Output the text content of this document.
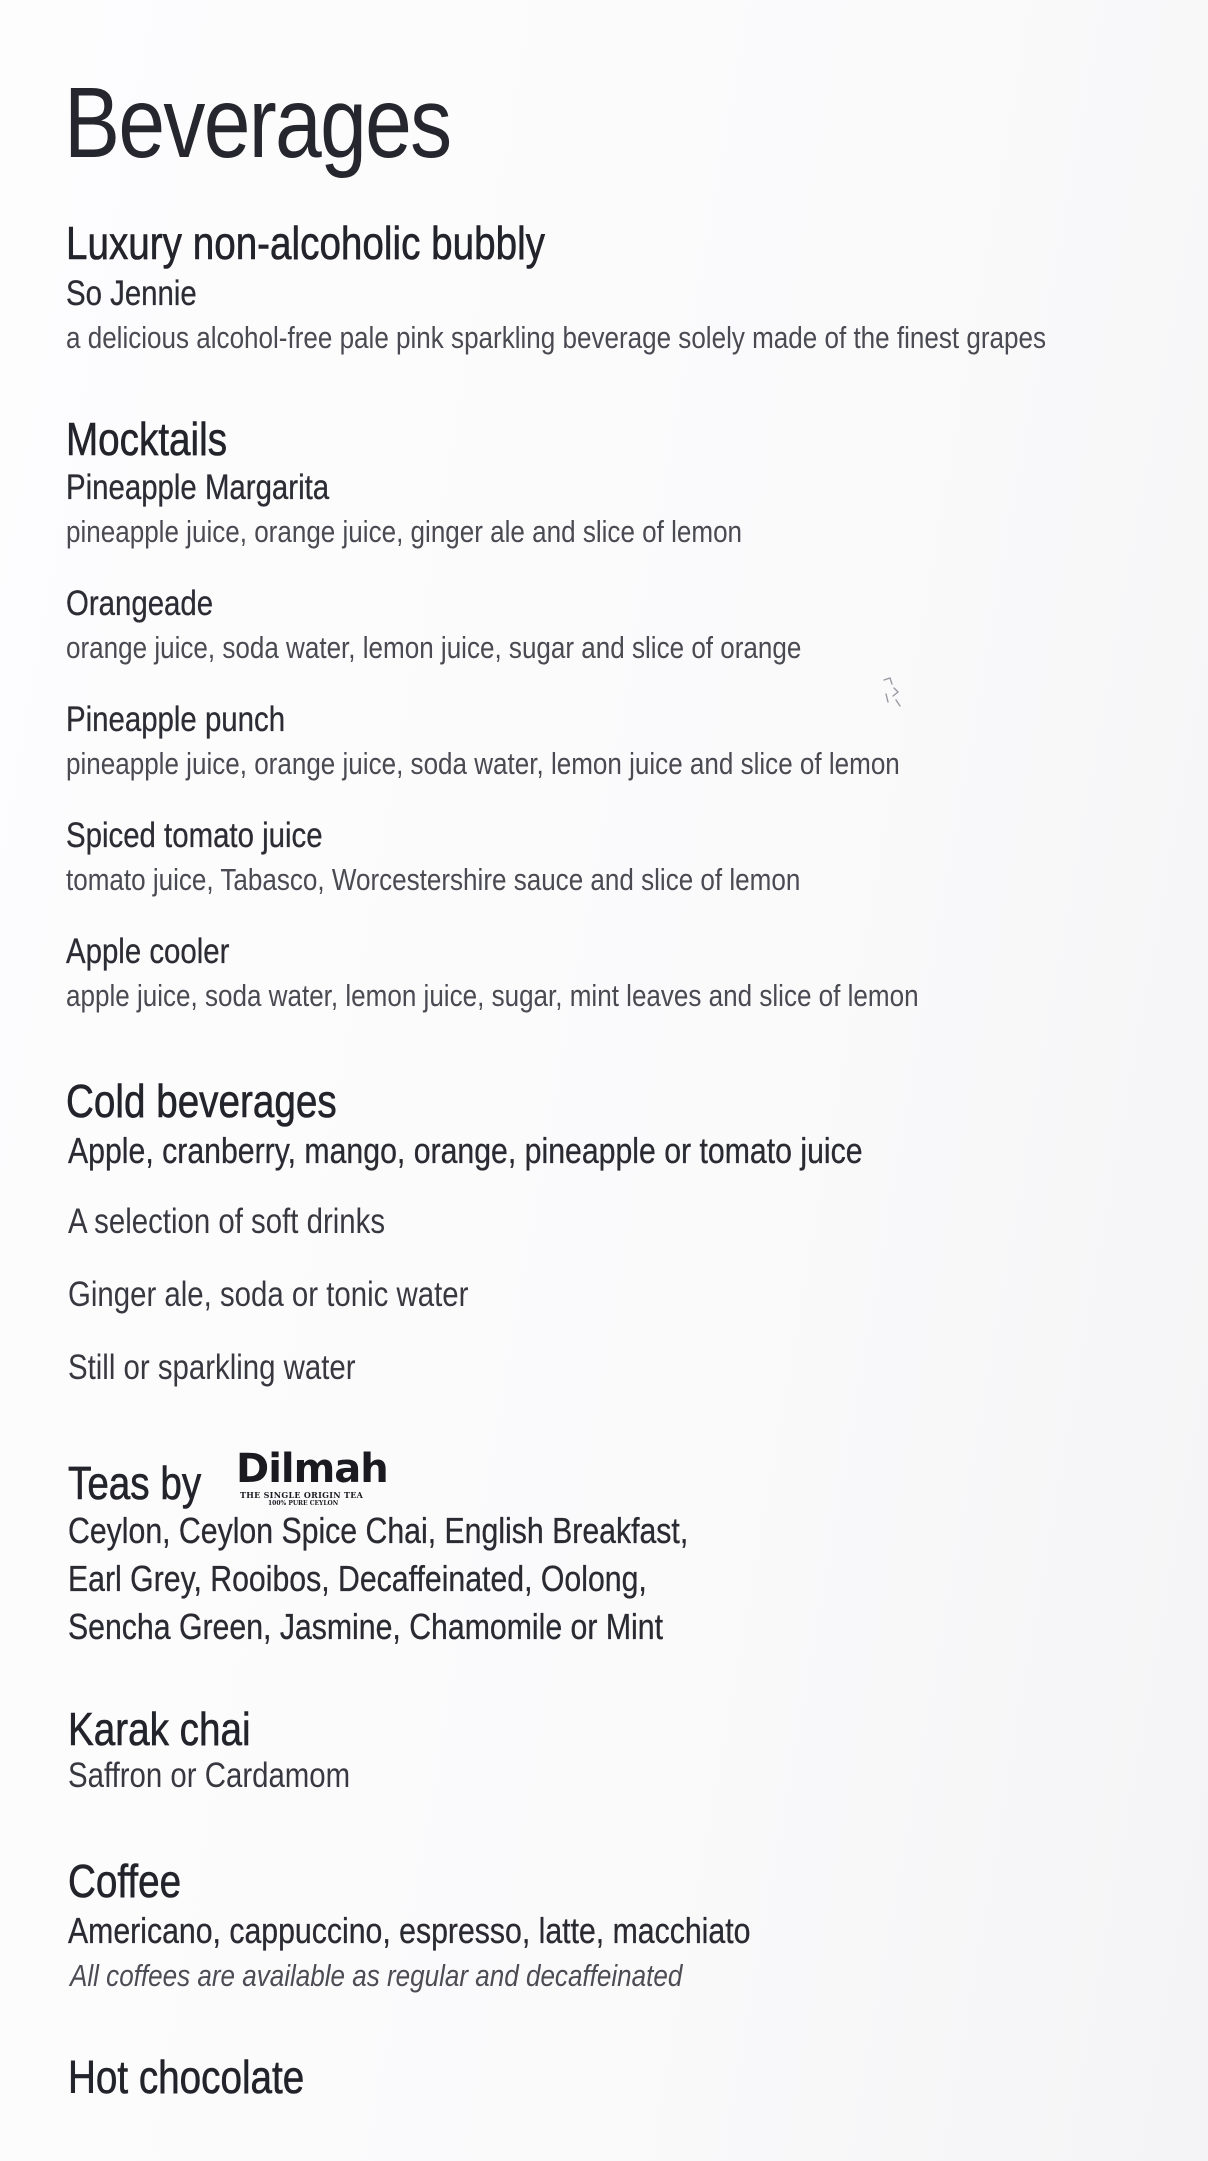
Beverages
Luxury non-alcoholic bubbly
So Jennie
a delicious alcohol-free pale pink sparkling beverage solely made of the finest grapes
Mocktails
Pineapple Margarita
pineapple juice, orange juice, ginger ale and slice of lemon
Orangeade
orange juice, soda water, lemon juice, sugar and slice of orange
Pineapple punch
pineapple juice, orange juice, soda water, lemon juice and slice of lemon
Spiced tomato juice
tomato juice, Tabasco, Worcestershire sauce and slice of lemon
Apple cooler
apple juice, soda water, lemon juice, sugar, mint leaves and slice of lemon
Cold beverages
Apple, cranberry, mango, orange, pineapple or tomato juice
A selection of soft drinks
Ginger ale, soda or tonic water
Still or sparkling water
Teas by Dilmah
THE SINGLE ORIGIN TEA
100% PURE CEYLON
Ceylon, Ceylon Spice Chai, English Breakfast,
Earl Grey, Rooibos, Decaffeinated, Oolong,
Sencha Green, Jasmine, Chamomile or Mint
Karak chai
Saffron or Cardamom
Coffee
Americano, cappuccino, espresso, latte, macchiato
All coffees are available as regular and decaffeinated
Hot chocolate
